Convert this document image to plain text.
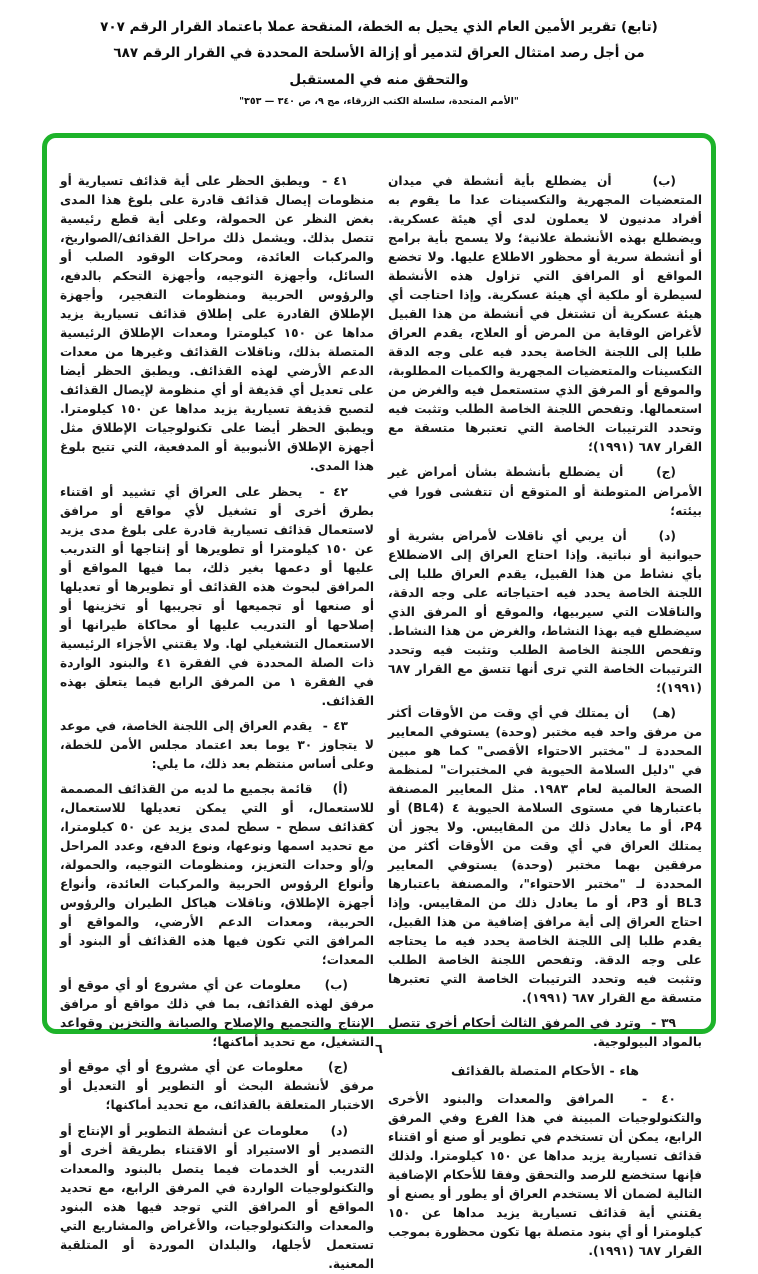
(تابع) تقرير الأمين العام الذي يحيل به الخطة، المنقحة عملا باعتماد القرار الرقم ٧٠٧
من أجل رصد امتثال العراق لتدمير أو إزالة الأسلحة المحددة في القرار الرقم ٦٨٧
والتحقق منه في المستقبل
"الأمم المتحدة، سلسلة الكتب الزرقاء، مج ٩، ص ٣٤٠ — ٣٥٣"

(ب)    أن يضطلع بأية أنشطة في ميدان المتعضيات المجهرية والتكسينات عدا ما يقوم به أفراد مدنيون لا يعملون لدى أي هيئة عسكرية. ويضطلع بهذه الأنشطة علانية؛ ولا يسمح بأية برامج أو أنشطة سرية أو محظور الاطلاع عليها. ولا تخضع المواقع أو المرافق التي تزاول هذه الأنشطة لسيطرة أو ملكية أي هيئة عسكرية. وإذا احتاجت أي هيئة عسكرية أن تشتغل في أنشطة من هذا القبيل لأغراض الوقاية من المرض أو العلاج، يقدم العراق طلبا إلى اللجنة الخاصة يحدد فيه على وجه الدقة التكسينات والمتعضيات المجهرية والكميات المطلوبة، والموقع أو المرفق الذي ستستعمل فيه والغرض من استعمالها. وتفحص اللجنة الخاصة الطلب وتثبت فيه وتحدد الترتيبات الخاصة التي تعتبرها متسقة مع القرار ٦٨٧ (١٩٩١)؛

(ج)    أن يضطلع بأنشطة بشأن أمراض غير الأمراض المتوطنة أو المتوقع أن تتفشى فورا في بيئته؛

(د)    أن يربي أي ناقلات لأمراض بشرية أو حيوانية أو نباتية. وإذا احتاج العراق إلى الاضطلاع بأي نشاط من هذا القبيل، يقدم العراق طلبا إلى اللجنة الخاصة يحدد فيه احتياجاته على وجه الدقة، والناقلات التي سيربيها، والموقع أو المرفق الذي سيضطلع فيه بهذا النشاط، والغرض من هذا النشاط. وتفحص اللجنة الخاصة الطلب وتثبت فيه وتحدد الترتيبات الخاصة التي ترى أنها تتسق مع القرار ٦٨٧ (١٩٩١)؛

(هـ)    أن يمتلك في أي وقت من الأوقات أكثر من مرفق واحد فيه مختبر (وحدة) يستوفي المعايير المحددة لـ "مختبر الاحتواء الأقصى" كما هو مبين في "دليل السلامة الحيوية في المختبرات" لمنظمة الصحة العالمية لعام ١٩٨٣. مثل المعايير المصنفة باعتبارها في مستوى السلامة الحيوية ٤ (BL4) أو P4، أو ما يعادل ذلك من المقاييس. ولا يجوز أن يمتلك العراق في أي وقت من الأوقات أكثر من مرفقين بهما مختبر (وحدة) يستوفي المعايير المحددة لـ "مختبر الاحتواء"، والمصنفة باعتبارها BL3 أو P3، أو ما يعادل ذلك من المقاييس. وإذا احتاج العراق إلى أية مرافق إضافية من هذا القبيل، يقدم طلبا إلى اللجنة الخاصة يحدد فيه ما يحتاجه على وجه الدقة. وتفحص اللجنة الخاصة الطلب وتثبت فيه وتحدد الترتيبات الخاصة التي تعتبرها متسقة مع القرار ٦٨٧ (١٩٩١).

٣٩ -  وترد في المرفق الثالث أحكام أخرى تتصل بالمواد البيولوجية.

هاء - الأحكام المتصلة بالقذائف

٤٠ -  المرافق والمعدات والبنود الأخرى والتكنولوجيات المبينة في هذا الفرع وفي المرفق الرابع، يمكن أن تستخدم في تطوير أو صنع أو اقتناء قذائف تسيارية يزيد مداها عن ١٥٠ كيلومترا. ولذلك فإنها ستخضع للرصد والتحقق وفقا للأحكام الإضافية التالية لضمان ألا يستخدم العراق أو يطور أو يصنع أو يقتني أية قذائف تسيارية يزيد مداها عن ١٥٠ كيلومترا أو أي بنود متصلة بها تكون محظورة بموجب القرار ٦٨٧ (١٩٩١).

٤١ -  ويطبق الحظر على أية قذائف تسيارية أو منظومات إيصال قذائف قادرة على بلوغ هذا المدى بغض النظر عن الحمولة، وعلى أية قطع رئيسية تتصل بذلك. ويشمل ذلك مراحل القذائف/الصواريخ، والمركبات العائدة، ومحركات الوقود الصلب أو السائل، وأجهزة التوجيه، وأجهزة التحكم بالدفع، والرؤوس الحربية ومنظومات التفجير، وأجهزة الإطلاق القادرة على إطلاق قذائف تسيارية يزيد مداها عن ١٥٠ كيلومترا ومعدات الإطلاق الرئيسية المتصلة بذلك، وناقلات القذائف وغيرها من معدات الدعم الأرضي لهذه القذائف. ويطبق الحظر أيضا على تعديل أي قذيفة أو أي منظومة لإيصال القذائف لتصبح قذيفة تسيارية يزيد مداها عن ١٥٠ كيلومترا. ويطبق الحظر أيضا على تكنولوجيات الإطلاق مثل أجهزة الإطلاق الأنبوبية أو المدفعية، التي تتيح بلوغ هذا المدى.

٤٢ -  يحظر على العراق أي تشييد أو اقتناء بطرق أخرى أو تشغيل لأي مواقع أو مرافق لاستعمال قذائف تسيارية قادرة على بلوغ مدى يزيد عن ١٥٠ كيلومترا أو تطويرها أو إنتاجها أو التدريب عليها أو دعمها بغير ذلك، بما فيها المواقع أو المرافق لبحوث هذه القذائف أو تطويرها أو تعديلها أو صنعها أو تجميعها أو تجريبها أو تخزينها أو إصلاحها أو التدريب عليها أو محاكاة طيرانها أو الاستعمال التشغيلي لها. ولا يقتني الأجزاء الرئيسية ذات الصلة المحددة في الفقرة ٤١ والبنود الواردة في الفقرة ١ من المرفق الرابع فيما يتعلق بهذه القذائف.

٤٣ -  يقدم العراق إلى اللجنة الخاصة، في موعد لا يتجاوز ٣٠ يوما بعد اعتماد مجلس الأمن للخطة، وعلى أساس منتظم بعد ذلك، ما يلي:

(أ)    قائمة بجميع ما لديه من القذائف المصممة للاستعمال، أو التي يمكن تعديلها للاستعمال، كقذائف سطح - سطح لمدى يزيد عن ٥٠ كيلومترا، مع تحديد اسمها ونوعها، ونوع الدفع، وعدد المراحل و/أو وحدات التعزيز، ومنظومات التوجيه، والحمولة، وأنواع الرؤوس الحربية والمركبات العائدة، وأنواع أجهزة الإطلاق، وناقلات هياكل الطيران والرؤوس الحربية، ومعدات الدعم الأرضي، والمواقع أو المرافق التي تكون فيها هذه القذائف أو البنود أو المعدات؛

(ب)    معلومات عن أي مشروع أو أي موقع أو مرفق لهذه القذائف، بما في ذلك مواقع أو مرافق الإنتاج والتجميع والإصلاح والصيانة والتخزين وقواعد التشغيل، مع تحديد أماكنها؛

(ج)    معلومات عن أي مشروع أو أي موقع أو مرفق لأنشطة البحث أو التطوير أو التعديل أو الاختبار المتعلقة بالقذائف، مع تحديد أماكنها؛

(د)    معلومات عن أنشطة التطوير أو الإنتاج أو التصدير أو الاستيراد أو الاقتناء بطريقة أخرى أو التدريب أو الخدمات فيما يتصل بالبنود والمعدات والتكنولوجيات الواردة في المرفق الرابع، مع تحديد المواقع أو المرافق التي توجد فيها هذه البنود والمعدات والتكنولوجيات، والأغراض والمشاريع التي تستعمل لأجلها، والبلدان الموردة أو المتلقية المعنية.

٦
